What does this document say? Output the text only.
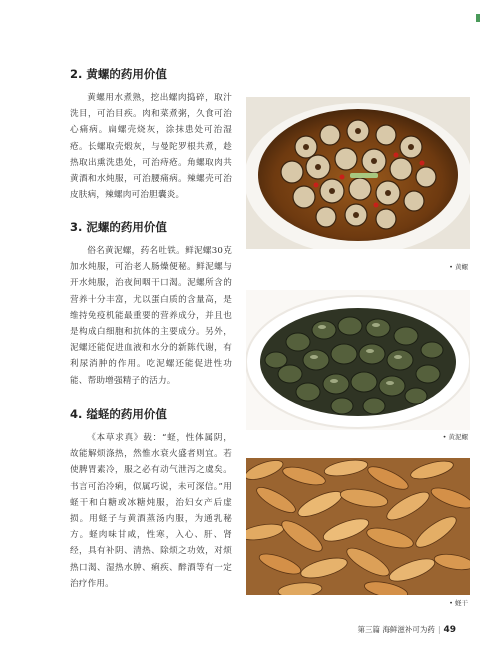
2. 黄螺的药用价值

黄螺用水煮熟，挖出螺肉捣碎，取汁洗目，可治目疾。肉和菜煮粥，久食可治心痛病。扁螺壳烧灰，涂抹患处可治湿疮。长螺取壳煅灰，与曼陀罗根共煮，趁热取出熏洗患处，可治痔疮。角螺取肉共黄酒和水炖服，可治腰痛病。辣螺壳可治皮肤病，辣螺肉可治胆囊炎。

3. 泥螺的药用价值

俗名黄泥螺，药名吐铁。鲜泥螺30克加水炖服，可治老人肠燥便秘。鲜泥螺与开水炖服，治夜间咽干口渴。泥螺所含的营养十分丰富，尤以蛋白质的含量高，是维持免疫机能最重要的营养成分，并且也是构成白细胞和抗体的主要成分。另外，泥螺还能促进血液和水分的新陈代谢，有利尿消肿的作用。吃泥螺还能促进性功能、帮助增强精子的活力。

4. 缢蛏的药用价值

《本草求真》载：“蛏，性体属阴，故能解烦涤热，然惟水衰火盛者则宜。若使脾胃素冷，服之必有动气泄泻之虞矣。书言可治冷痢，似属巧说，未可深信。”用蛏干和白糖或冰糖炖服，治妇女产后虚损。用蛏子与黄酒蒸汤内服，为通乳秘方。蛏肉味甘咸，性寒，入心、肝、肾经，具有补阴、清热、除烦之功效，对烦热口渴、湿热水肿、痢疾、醉酒等有一定治疗作用。

• 黄螺
• 黄泥螺
• 蛏干
第三篇 海鲜滋补可为药 | 49
